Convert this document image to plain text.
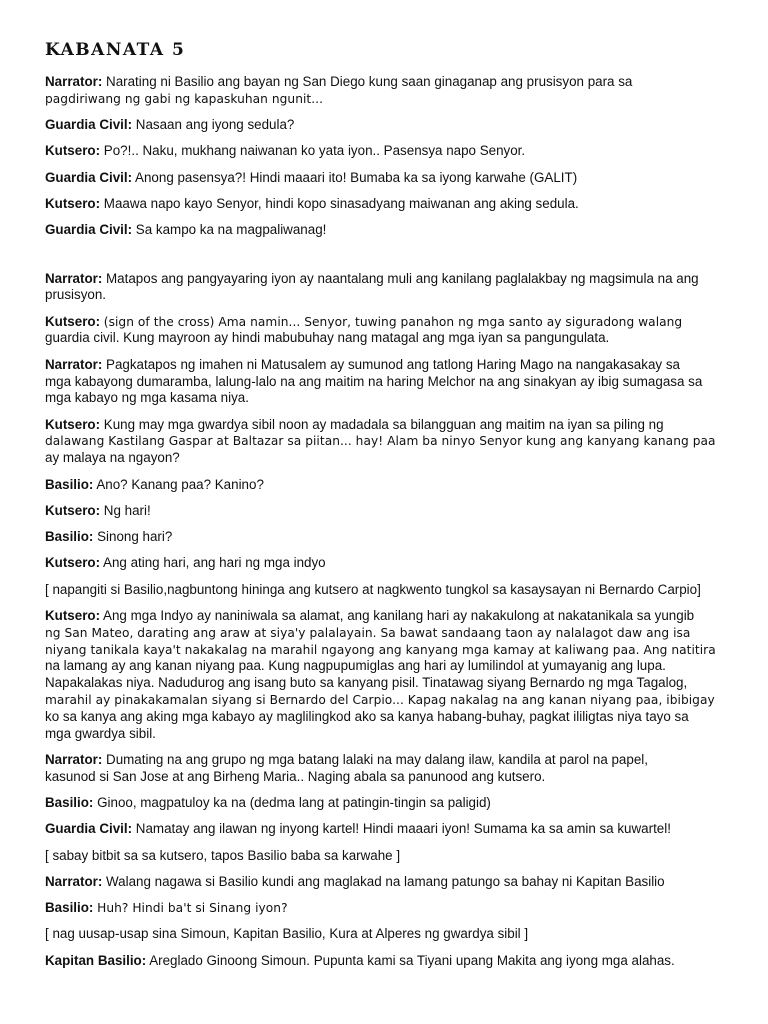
KABANATA 5
Narrator: Narating ni Basilio ang bayan ng San Diego kung saan ginaganap ang prusisyon para sa
pagdiriwang ng gabi ng kapaskuhan ngunit...
Guardia Civil: Nasaan ang iyong sedula?
Kutsero: Po?!.. Naku, mukhang naiwanan ko yata iyon.. Pasensya napo Senyor.
Guardia Civil: Anong pasensya?! Hindi maaari ito! Bumaba ka sa iyong karwahe (GALIT)
Kutsero: Maawa napo kayo Senyor, hindi kopo sinasadyang maiwanan ang aking sedula.
Guardia Civil: Sa kampo ka na magpaliwanag!
Narrator: Matapos ang pangyayaring iyon ay naantalang muli ang kanilang paglalakbay ng magsimula na ang
prusisyon.
Kutsero: (sign of the cross) Ama namin... Senyor, tuwing panahon ng mga santo ay siguradong walang
guardia civil. Kung mayroon ay hindi mabubuhay nang matagal ang mga iyan sa pangungulata.
Narrator: Pagkatapos ng imahen ni Matusalem ay sumunod ang tatlong Haring Mago na nangakasakay sa
mga kabayong dumaramba, lalung-lalo na ang maitim na haring Melchor na ang sinakyan ay ibig sumagasa sa
mga kabayo ng mga kasama niya.
Kutsero: Kung may mga gwardya sibil noon ay madadala sa bilangguan ang maitim na iyan sa piling ng
dalawang Kastilang Gaspar at Baltazar sa piitan... hay! Alam ba ninyo Senyor kung ang kanyang kanang paa
ay malaya na ngayon?
Basilio: Ano? Kanang paa? Kanino?
Kutsero: Ng hari!
Basilio: Sinong hari?
Kutsero: Ang ating hari, ang hari ng mga indyo
[ napangiti si Basilio,nagbuntong hininga ang kutsero at nagkwento tungkol sa kasaysayan ni Bernardo Carpio]
Kutsero: Ang mga Indyo ay naniniwala sa alamat, ang kanilang hari ay nakakulong at nakatanikala sa yungib
ng San Mateo, darating ang araw at siya'y palalayain. Sa bawat sandaang taon ay nalalagot daw ang isa
niyang tanikala kaya't nakakalag na marahil ngayong ang kanyang mga kamay at kaliwang paa. Ang natitira
na lamang ay ang kanan niyang paa. Kung nagpupumiglas ang hari ay lumilindol at yumayanig ang lupa.
Napakalakas niya. Nadudurog ang isang buto sa kanyang pisil. Tinatawag siyang Bernardo ng mga Tagalog,
marahil ay pinakakamalan siyang si Bernardo del Carpio... Kapag nakalag na ang kanan niyang paa, ibibigay
ko sa kanya ang aking mga kabayo ay maglilingkod ako sa kanya habang-buhay, pagkat ililigtas niya tayo sa
mga gwardya sibil.
Narrator: Dumating na ang grupo ng mga batang lalaki na may dalang ilaw, kandila at parol na papel,
kasunod si San Jose at ang Birheng Maria.. Naging abala sa panunood ang kutsero.
Basilio: Ginoo, magpatuloy ka na (dedma lang at patingin-tingin sa paligid)
Guardia Civil: Namatay ang ilawan ng inyong kartel! Hindi maaari iyon! Sumama ka sa amin sa kuwartel!
[ sabay bitbit sa sa kutsero, tapos Basilio baba sa karwahe ]
Narrator: Walang nagawa si Basilio kundi ang maglakad na lamang patungo sa bahay ni Kapitan Basilio
Basilio: Huh? Hindi ba't si Sinang iyon?
[ nag uusap-usap sina Simoun, Kapitan Basilio, Kura at Alperes ng gwardya sibil ]
Kapitan Basilio: Areglado Ginoong Simoun. Pupunta kami sa Tiyani upang Makita ang iyong mga alahas.
